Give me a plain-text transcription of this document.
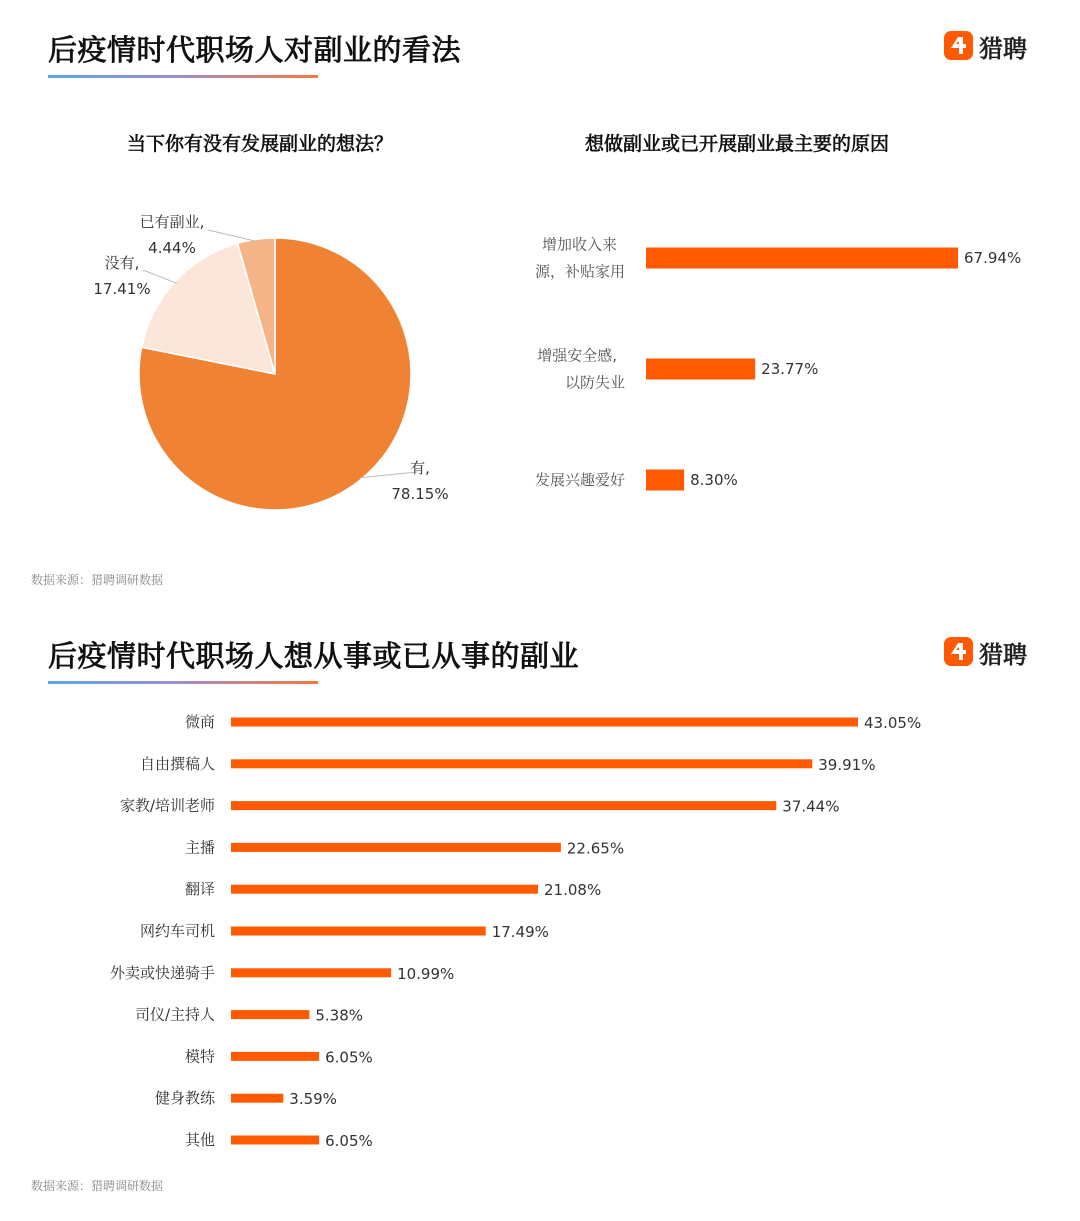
后疫情时代职场人对副业的看法	猎聘
当下你有没有发展副业的想法？	想做副业或已开展副业最主要的原因
有,
78.15%
没有,
17.41%
已有副业,
4.44%	增加收入来
源，补贴家用
67.94%
增强安全感,
以防失业
23.77%
发展兴趣爱好	8.30%
数据来源：猎聘调研数据
后疫情时代职场人想从事或已从事的副业	猎聘
微商	43.05%
自由撰稿人	39.91%
家教/培训老师	37.44%
主播	22.65%
翻译	21.08%
网约车司机	17.49%
外卖或快递骑手	10.99%
司仪/主持人	5.38%
模特	6.05%
健身教练	3.59%
其他	6.05%
数据来源：猎聘调研数据
